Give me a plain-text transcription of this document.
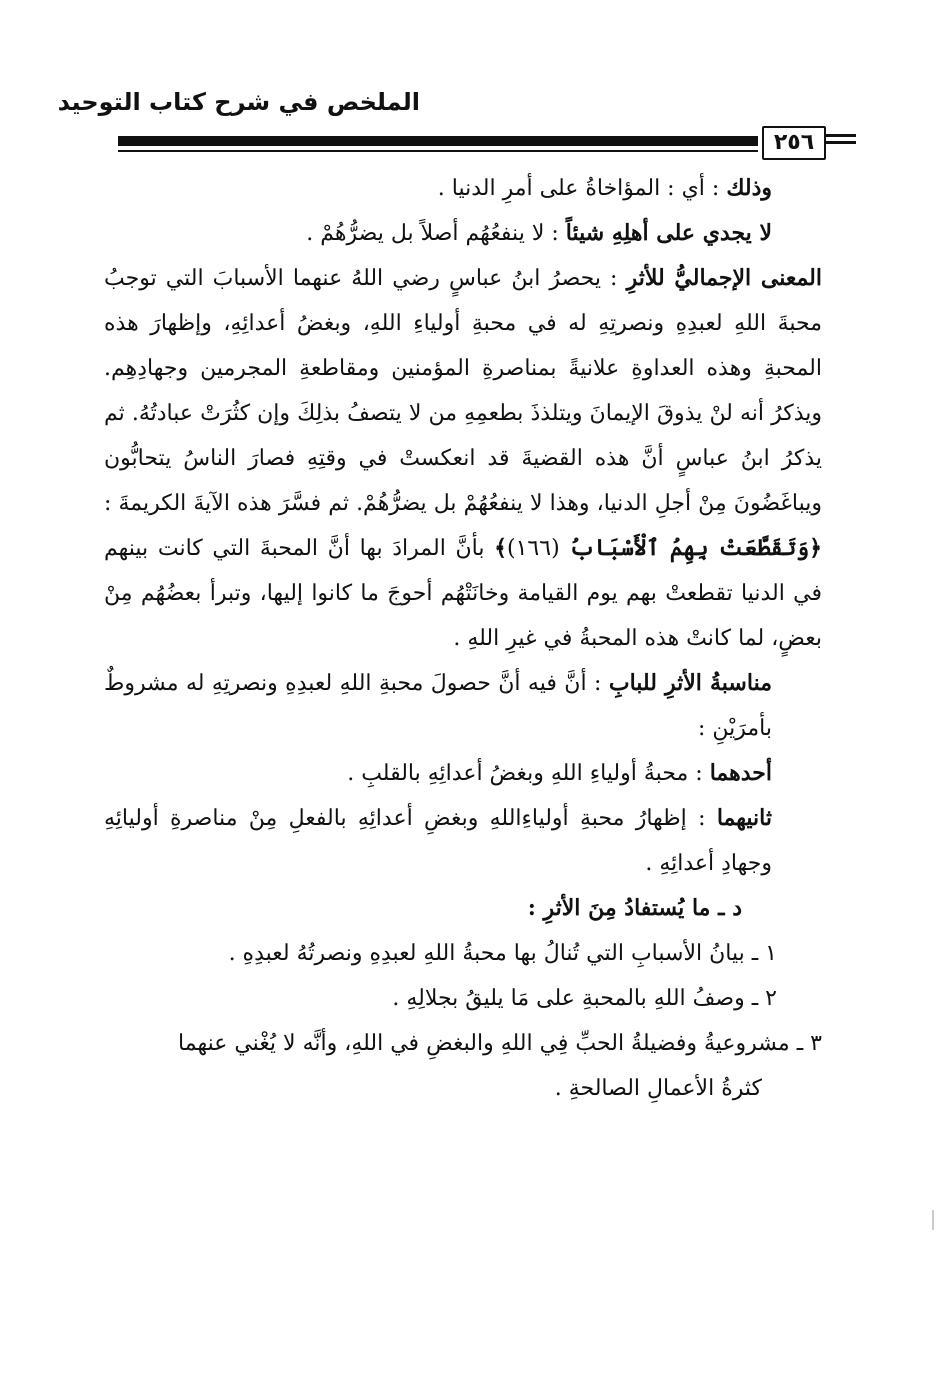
الملخص في شرح كتاب التوحيد
٢٥٦

وذلك : أي : المؤاخاةُ على أمرِ الدنيا .

لا يجدي على أهلِهِ شيئاً : لا ينفعُهُم أصلاً بل يضرُّهُمْ .

المعنى الإجماليُّ للأثرِ : يحصرُ ابنُ عباسٍ رضي اللهُ عنهما الأسبابَ التي توجبُ محبةَ اللهِ لعبدِهِ ونصرتِهِ له في محبةِ أولياءِ اللهِ، وبغضُ أعدائِهِ، وإظهارَ هذه المحبةِ وهذه العداوةِ علانيةً بمناصرةِ المؤمنين ومقاطعةِ المجرمين وجهادِهِم. ويذكرُ أنه لنْ يذوقَ الإيمانَ ويتلذذَ بطعمِهِ من لا يتصفُ بذلِكَ وإن كثُرَتْ عبادتُهُ. ثم يذكرُ ابنُ عباسٍ أنَّ هذه القضيةَ قد انعكستْ في وقتِهِ فصارَ الناسُ يتحابُّون ويباغَضُونَ مِنْ أجلِ الدنيا، وهذا لا ينفعُهُمْ بل يضرُّهُمْ. ثم فسَّرَ هذه الآيةَ الكريمةَ : ﴿وَتَقَطَّعَتْ بِهِمُ ٱلْأَسْبَابُ (١٦٦)﴾ بأنَّ المرادَ بها أنَّ المحبةَ التي كانت بينهم في الدنيا تقطعتْ بهم يوم القيامة وخانَتْهُم أحوجَ ما كانوا إليها، وتبرأ بعضُهُم مِنْ بعضٍ، لما كانتْ هذه المحبةُ في غيرِ اللهِ .

مناسبةُ الأثرِ للبابِ : أنَّ فيه أنَّ حصولَ محبةِ اللهِ لعبدِهِ ونصرتِهِ له مشروطٌ بأمرَيْنِ :

أحدهما : محبةُ أولياءِ اللهِ وبغضُ أعدائِهِ بالقلبِ .

ثانيهما : إظهارُ محبةِ أولياءِاللهِ وبغضِ أعدائِهِ بالفعلِ مِنْ مناصرةِ أوليائِهِ وجهادِ أعدائِهِ .

د ـ ما يُستفادُ مِنَ الأثرِ :

١ ـ بيانُ الأسبابِ التي تُنالُ بها محبةُ اللهِ لعبدِهِ ونصرتُهُ لعبدِهِ .

٢ ـ وصفُ اللهِ بالمحبةِ على مَا يليقُ بجلالِهِ .

٣ ـ مشروعيةُ وفضيلةُ الحبِّ فِي اللهِ والبغضِ في اللهِ، وأنَّه لا يُغْني عنهما

كثرةُ الأعمالِ الصالحةِ .
